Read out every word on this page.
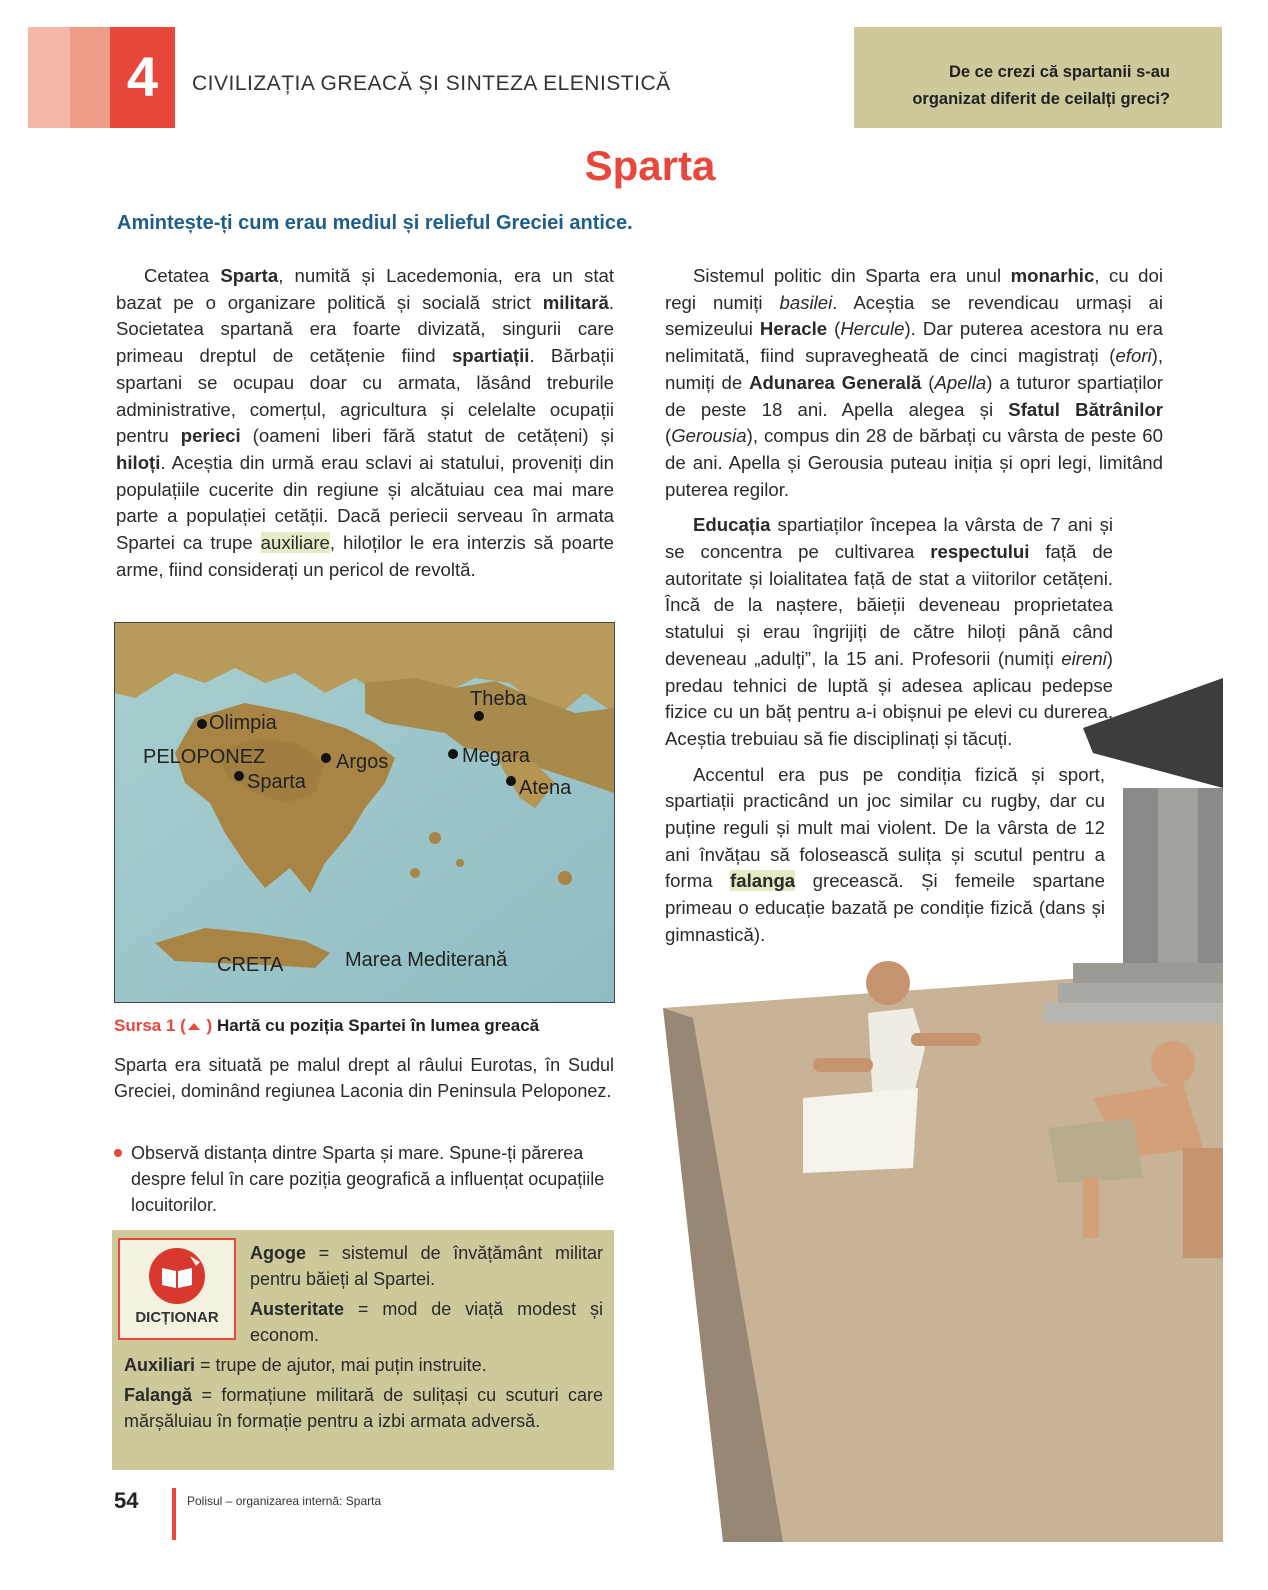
4	CIVILIZAȚIA GREACĂ ȘI SINTEZA ELENISTICĂ	De ce crezi că spartanii s-au
organizat diferit de ceilalți greci?
Sparta
Amintește-ți cum erau mediul și relieful Greciei antice.

Cetatea Sparta, numită și Lacedemonia, era un stat bazat pe o organizare politică și socială strict militară. Societatea spartană era foarte divizată, singurii care primeau dreptul de cetățenie fiind spartiații. Bărbații spartani se ocupau doar cu armata, lăsând treburile administrative, comerțul, agricultura și celelalte ocupații pentru perieci (oameni liberi fără statut de cetățeni) și hiloți. Aceștia din urmă erau sclavi ai statului, proveniți din populațiile cucerite din regiune și alcătuiau cea mai mare parte a populației cetății. Dacă periecii serveau în armata Spartei ca trupe auxiliare, hiloților le era interzis să poarte arme, fiind considerați un pericol de revoltă.

Theba
Olimpia
PELOPONEZ	Argos	Megara
Sparta	Atena
CRETA	Marea Mediterană
Sursa 1 ( ) Hartă cu poziția Spartei în lumea greacă
Sparta era situată pe malul drept al râului Eurotas, în Sudul Greciei, dominând regiunea Laconia din Peninsula Peloponez.
Observă distanța dintre Sparta și mare. Spune-ți părerea despre felul în care poziția geografică a influențat ocupațiile locuitorilor.
DICȚIONAR
Agoge = sistemul de învățământ militar pentru băieți al Spartei.
Austeritate = mod de viață modest și econom.
Auxiliari = trupe de ajutor, mai puțin instruite.
Falangă = formațiune militară de sulițași cu scuturi care mărșăluiau în formație pentru a izbi armata adversă.

Sistemul politic din Sparta era unul monarhic, cu doi regi numiți basilei. Aceștia se revendicau urmași ai semizeului Heracle (Hercule). Dar puterea acestora nu era nelimitată, fiind supravegheată de cinci magistrați (efori), numiți de Adunarea Generală (Apella) a tuturor spartiaților de peste 18 ani. Apella alegea și Sfatul Bătrânilor (Gerousia), compus din 28 de bărbați cu vârsta de peste 60 de ani. Apella și Gerousia puteau iniția și opri legi, limitând puterea regilor.

Educația spartiaților începea la vârsta de 7 ani și se concentra pe cultivarea respectului față de autoritate și loialitatea față de stat a viitorilor cetățeni. Încă de la naștere, băieții deveneau proprietatea statului și erau îngrijiți de către hiloți până când deveneau „adulți”, la 15 ani. Profesorii (numiți eireni) predau tehnici de luptă și adesea aplicau pedepse fizice cu un băț pentru a-i obișnui pe elevi cu durerea. Aceștia trebuiau să fie disciplinați și tăcuți.

Accentul era pus pe condiția fizică și sport, spartiații practicând un joc similar cu rugby, dar cu puține reguli și mult mai violent. De la vârsta de 12 ani învățau să folosească sulița și scutul pentru a forma falanga grecească. Și femeile spartane primeau o educație bazată pe condiție fizică (dans și gimnastică).

54	Polisul – organizarea internă: Sparta
